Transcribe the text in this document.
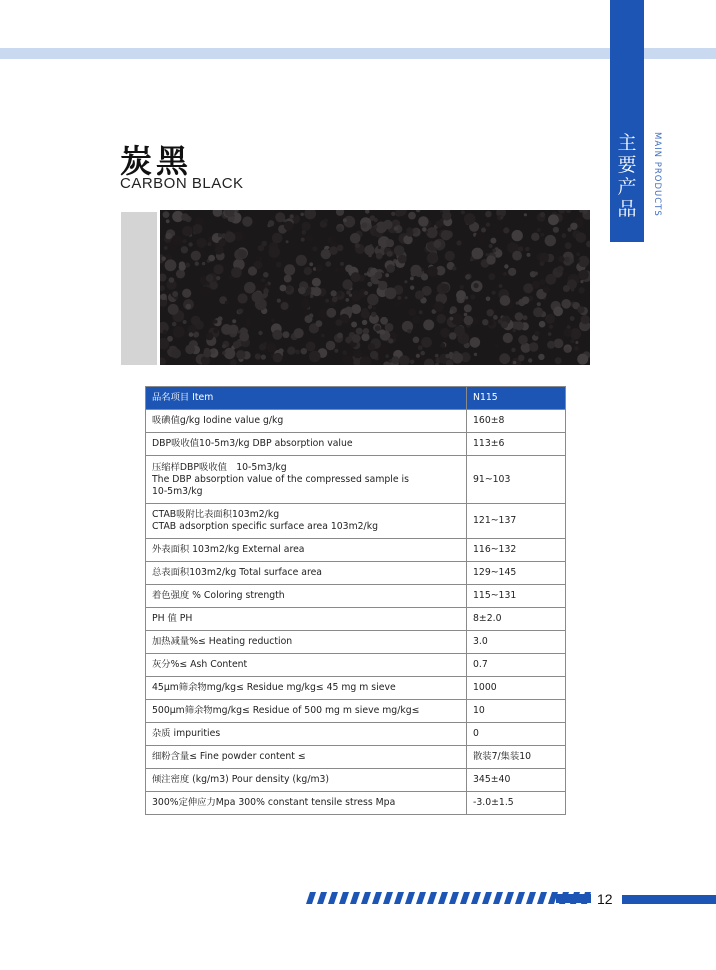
主
要
产
品	MAIN PRODUCTS
炭黑
CARBON BLACK
品名项目 Item	N115

吸碘值g/kg Iodine value g/kg	160±8

DBP吸收值10-5m3/kg DBP absorption value	113±6

压缩样DBP吸收值　10-5m3/kg
The DBP absorption value of the compressed sample is
10-5m3/kg	91~103

CTAB吸附比表面积103m2/kg
CTAB adsorption specific surface area 103m2/kg	121~137

外表面积 103m2/kg External area	116~132

总表面积103m2/kg Total surface area	129~145

着色强度 % Coloring strength	115~131

PH 值 PH	8±2.0

加热减量%≤ Heating reduction	3.0

灰分%≤ Ash Content	0.7

45μm筛余物mg/kg≤ Residue mg/kg≤ 45 mg m sieve	1000

500μm筛余物mg/kg≤ Residue of 500 mg m sieve mg/kg≤	10

杂质 impurities	0

细粉含量≤ Fine powder content ≤	散装7/集装10

倾注密度 (kg/m3) Pour density (kg/m3)	345±40

300%定伸应力Mpa 300% constant tensile stress Mpa	-3.0±1.5
12
